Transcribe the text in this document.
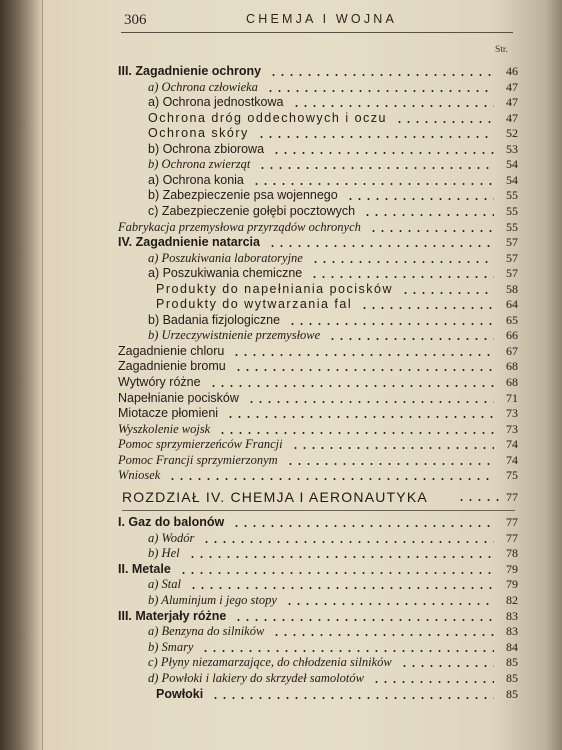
306	CHEMJA I WOJNA
Str.
III. Zagadnienie ochrony	46
a) Ochrona człowieka	47
a) Ochrona jednostkowa	47
Ochrona dróg oddechowych i oczu	47
Ochrona skóry	52
b) Ochrona zbiorowa	53
b) Ochrona zwierząt	54
a) Ochrona konia	54
b) Zabezpieczenie psa wojennego	55
c) Zabezpieczenie gołębi pocztowych	55
Fabrykacja przemysłowa przyrządów ochronych	55
IV. Zagadnienie natarcia	57
a) Poszukiwania laboratoryjne	57
a) Poszukiwania chemiczne	57
Produkty do napełniania pocisków	58
Produkty do wytwarzania fal	64
b) Badania fizjologiczne	65
b) Urzeczywistnienie przemysłowe	66
Zagadnienie chloru	67
Zagadnienie bromu	68
Wytwóry różne	68
Napełnianie pocisków	71
Miotacze płomieni	73
Wyszkolenie wojsk	73
Pomoc sprzymierzeńców Francji	74
Pomoc Francji sprzymierzonym	74
Wniosek	75
ROZDZIAŁ IV. CHEMJA I AERONAUTYKA	77
I. Gaz do balonów	77
a) Wodór	77
b) Hel	78
II. Metale	79
a) Stal	79
b) Aluminjum i jego stopy	82
III. Materjały różne	83
a) Benzyna do silników	83
b) Smary	84
c) Płyny niezamarzające, do chłodzenia silników	85
d) Powłoki i lakiery do skrzydeł samolotów	85
Powłoki	85
